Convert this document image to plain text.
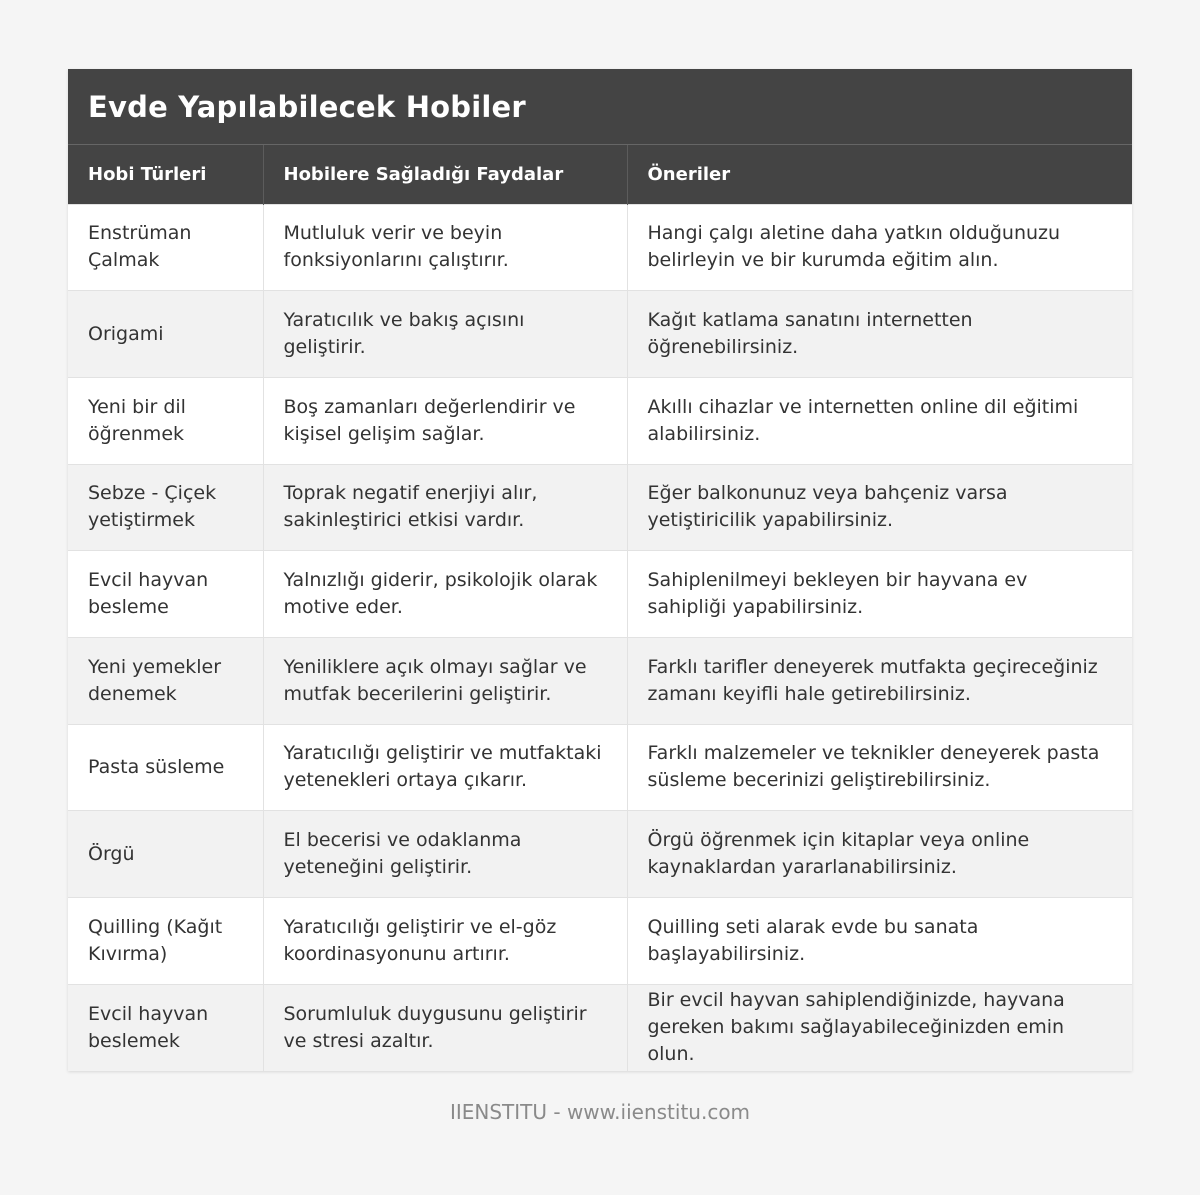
Evde Yapılabilecek Hobiler
Hobi Türleri	Hobilere Sağladığı Faydalar	Öneriler
Enstrüman Çalmak	Mutluluk verir ve beyin fonksiyonlarını çalıştırır.	Hangi çalgı aletine daha yatkın olduğunuzu belirleyin ve bir kurumda eğitim alın.
Origami	Yaratıcılık ve bakış açısını geliştirir.	Kağıt katlama sanatını internetten öğrenebilirsiniz.
Yeni bir dil öğrenmek	Boş zamanları değerlendirir ve kişisel gelişim sağlar.	Akıllı cihazlar ve internetten online dil eğitimi alabilirsiniz.
Sebze - Çiçek yetiştirmek	Toprak negatif enerjiyi alır, sakinleştirici etkisi vardır.	Eğer balkonunuz veya bahçeniz varsa yetiştiricilik yapabilirsiniz.
Evcil hayvan besleme	Yalnızlığı giderir, psikolojik olarak motive eder.	Sahiplenilmeyi bekleyen bir hayvana ev sahipliği yapabilirsiniz.
Yeni yemekler denemek	Yeniliklere açık olmayı sağlar ve mutfak becerilerini geliştirir.	Farklı tarifler deneyerek mutfakta geçireceğiniz zamanı keyifli hale getirebilirsiniz.
Pasta süsleme	Yaratıcılığı geliştirir ve mutfaktaki yetenekleri ortaya çıkarır.	Farklı malzemeler ve teknikler deneyerek pasta süsleme becerinizi geliştirebilirsiniz.
Örgü	El becerisi ve odaklanma yeteneğini geliştirir.	Örgü öğrenmek için kitaplar veya online kaynaklardan yararlanabilirsiniz.
Quilling (Kağıt Kıvırma)	Yaratıcılığı geliştirir ve el-göz koordinasyonunu artırır.	Quilling seti alarak evde bu sanata başlayabilirsiniz.
Evcil hayvan beslemek	Sorumluluk duygusunu geliştirir ve stresi azaltır.	Bir evcil hayvan sahiplendiğinizde, hayvana gereken bakımı sağlayabileceğinizden emin olun.
IIENSTITU - www.iienstitu.com
